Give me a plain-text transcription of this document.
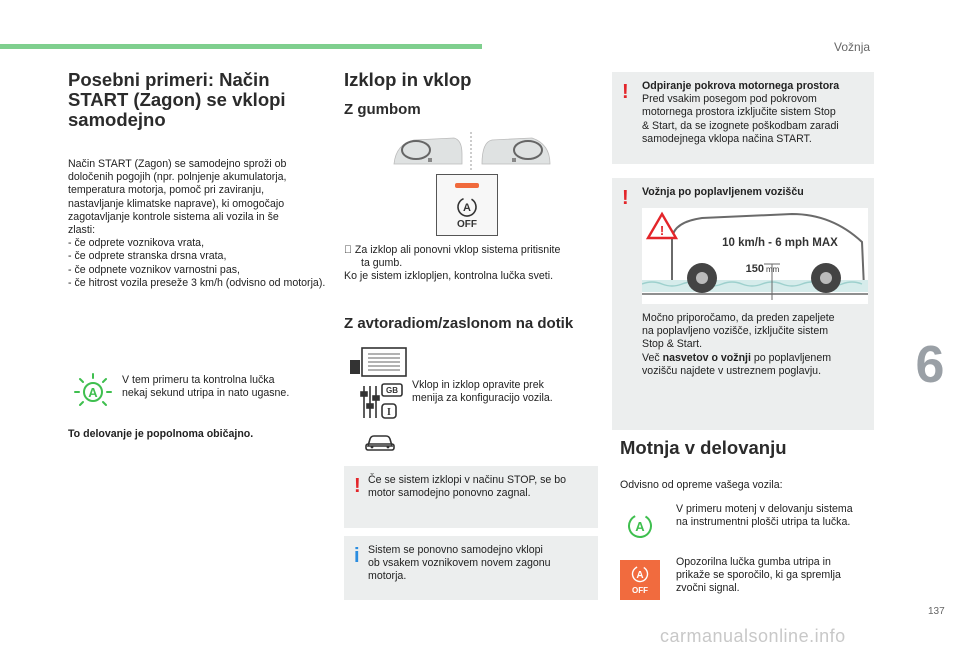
Vožnja
6
137
carmanualsonline.info
Posebni primeri: Način
START (Zagon) se vklopi
samodejno
Način START (Zagon) se samodejno sproži ob
določenih pogojih (npr. polnjenje akumulatorja,
temperatura motorja, pomoč pri zaviranju,
nastavljanje klimatske naprave), ki omogočajo
zagotavljanje kontrole sistema ali vozila in še
zlasti:
- če odprete voznikova vrata,
- če odprete stranska drsna vrata,
- če odpnete voznikov varnostni pas,
- če hitrost vozila preseže 3 km/h (odvisno od motorja).
A
V tem primeru ta kontrolna lučka
nekaj sekund utripa in nato ugasne.
To delovanje je popolnoma običajno.
Izklop in vklop
Z gumbom
A
OFF
Za izklop ali ponovni vklop sistema pritisnite
ta gumb.
Ko je sistem izklopljen, kontrolna lučka sveti.
Z avtoradiom/zaslonom na dotik
GB
I
Vklop in izklop opravite prek
menija za konfiguracijo vozila.
! Če se sistem izklopi v načinu STOP, se bo
motor samodejno ponovno zagnal.
i Sistem se ponovno samodejno vklopi
ob vsakem voznikovem novem zagonu
motorja.
! Odpiranje pokrova motornega prostora
Pred vsakim posegom pod pokrovom
motornega prostora izključite sistem Stop
& Start, da se izognete poškodbam zaradi
samodejnega vklopa načina START.
! Vožnja po poplavljenem vozišču
!
10 km/h - 6 mph MAX
150 mm
Močno priporočamo, da preden zapeljete
na poplavljeno vozišče, izključite sistem
Stop & Start.
Več nasvetov o vožnji po poplavljenem
vozišču najdete v ustreznem poglavju.
Motnja v delovanju
Odvisno od opreme vašega vozila:
A
V primeru motenj v delovanju sistema
na instrumentni plošči utripa ta lučka.
A
OFF
Opozorilna lučka gumba utripa in
prikaže se sporočilo, ki ga spremlja
zvočni signal.
